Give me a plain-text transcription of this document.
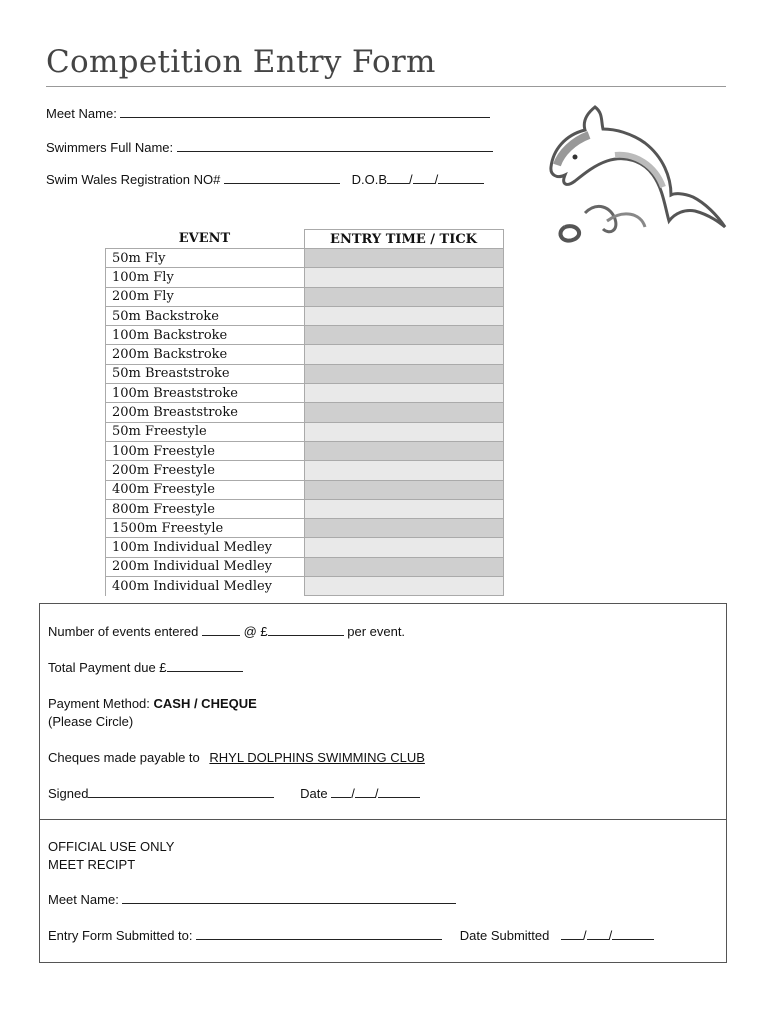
Competition Entry Form
Meet Name:
Swimmers Full Name:
Swim Wales Registration NO#	D.O.B / /
EVENT	ENTRY TIME / TICK
50m Fly	
100m Fly	
200m Fly	
50m Backstroke	
100m Backstroke	
200m Backstroke	
50m Breaststroke	
100m Breaststroke	
200m Breaststroke	
50m Freestyle	
100m Freestyle	
200m Freestyle	
400m Freestyle	
800m Freestyle	
1500m Freestyle	
100m Individual Medley	
200m Individual Medley	
400m Individual Medley	
Number of events entered	@ £	per event.
Total Payment due £
Payment Method: CASH / CHEQUE
(Please Circle)
Cheques made payable to RHYL DOLPHINS SWIMMING CLUB
Signed	Date / /
OFFICIAL USE ONLY
MEET RECIPT
Meet Name:
Entry Form Submitted to:	Date Submitted	/ /
